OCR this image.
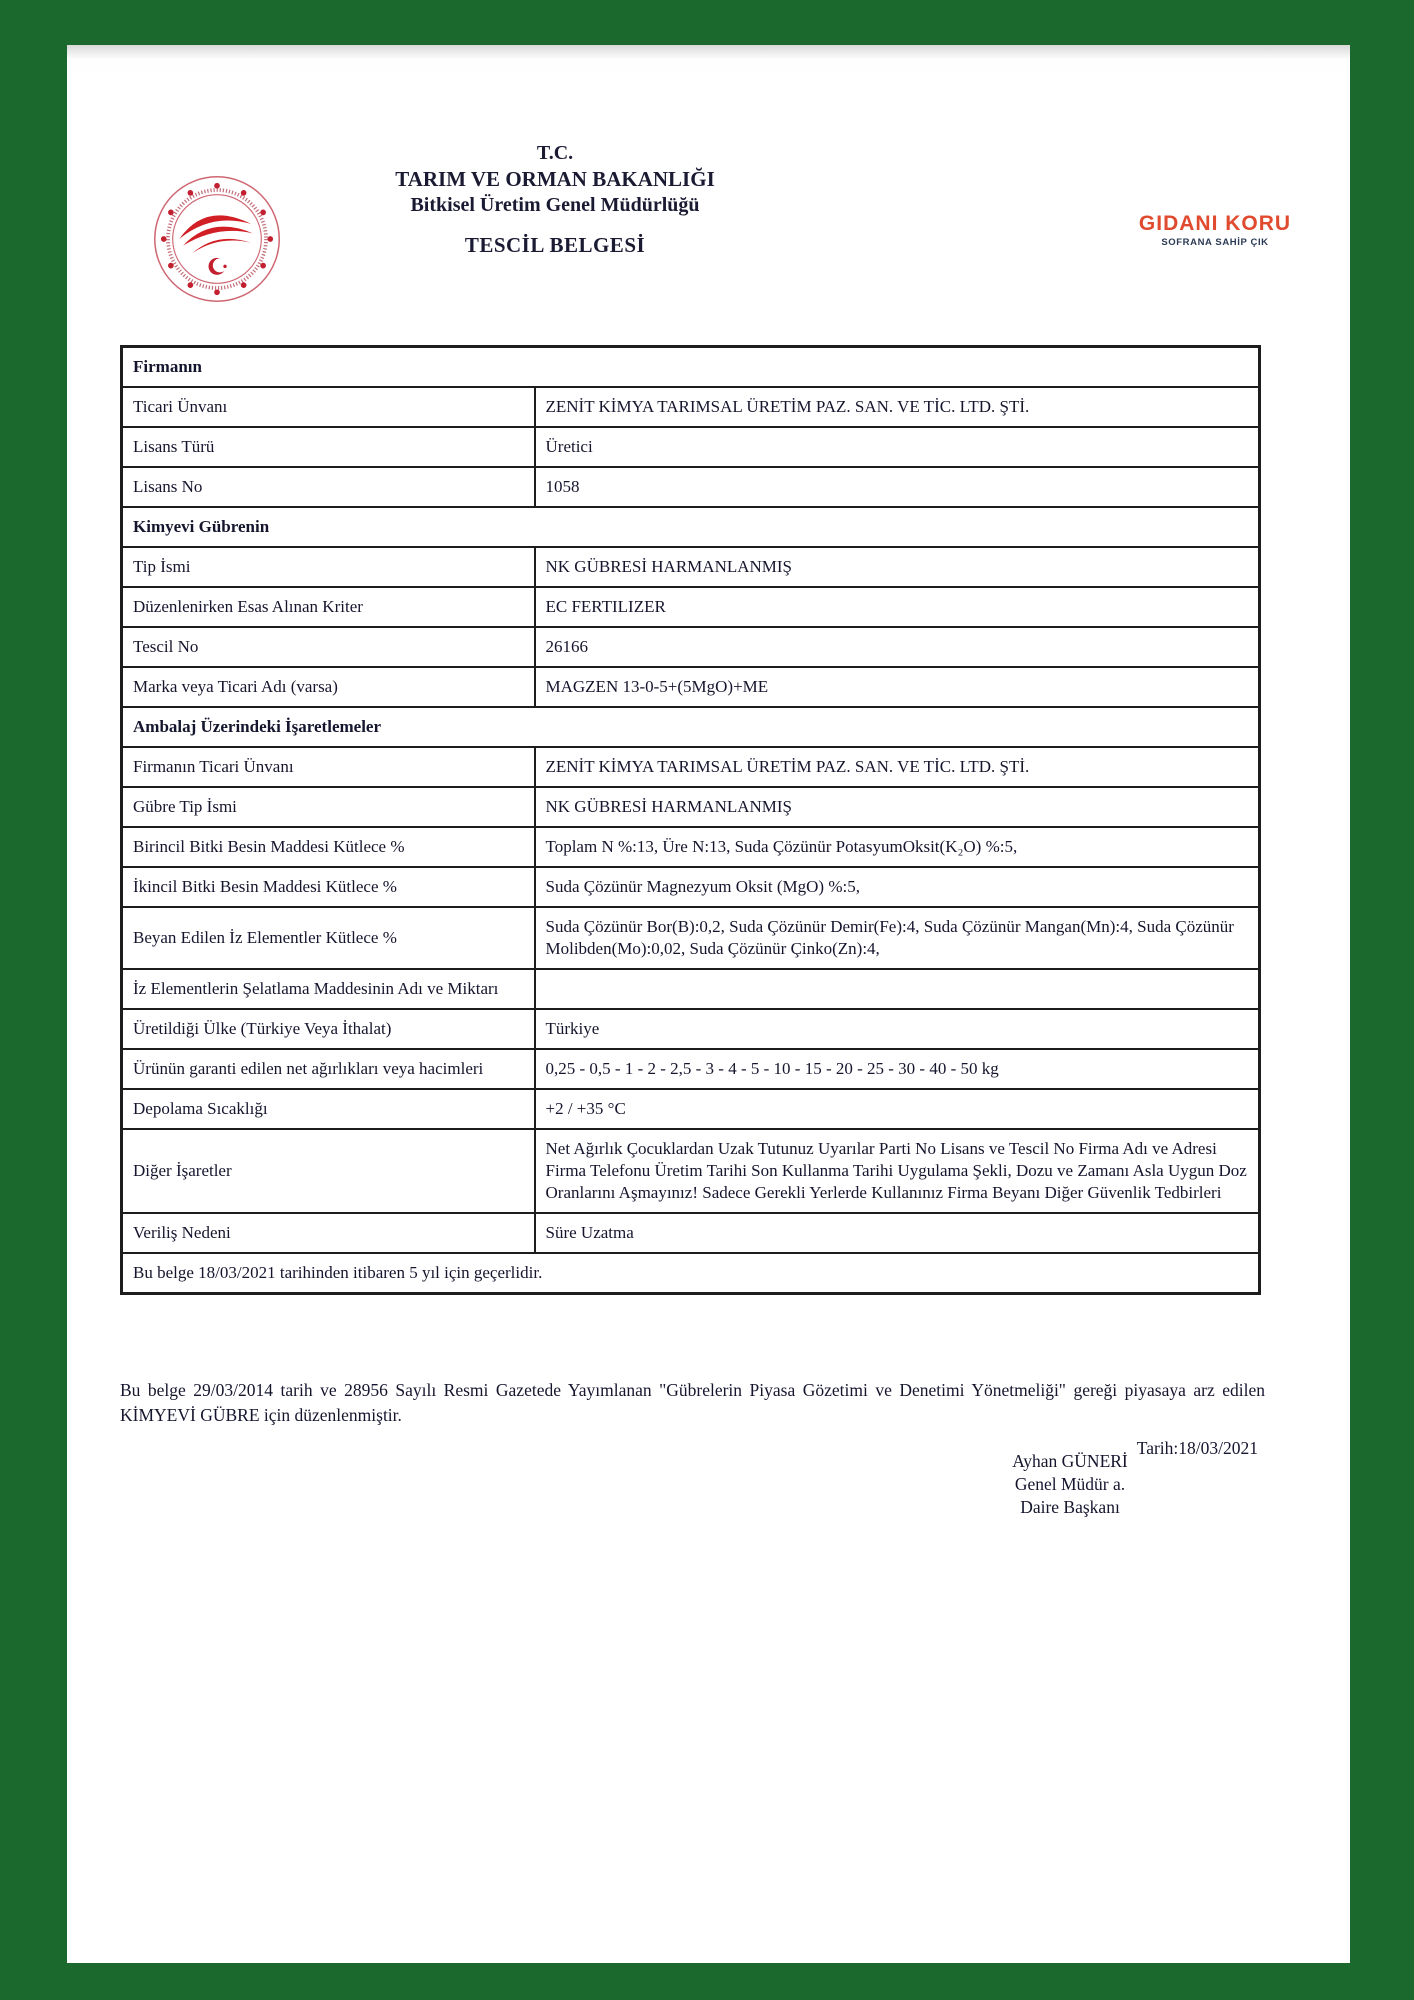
T.C.
TARIM VE ORMAN BAKANLIĞI
Bitkisel Üretim Genel Müdürlüğü
GIDANI KORU
SOFRANA SAHİP ÇIK
TESCİL BELGESİ
Firmanın	
Ticari Ünvanı	ZENİT KİMYA TARIMSAL ÜRETİM PAZ. SAN. VE TİC. LTD. ŞTİ.
Lisans Türü	Üretici
Lisans No	1058
Kimyevi Gübrenin	
Tip İsmi	NK GÜBRESİ HARMANLANMIŞ
Düzenlenirken Esas Alınan Kriter	EC FERTILIZER
Tescil No	26166
Marka veya Ticari Adı (varsa)	MAGZEN 13-0-5+(5MgO)+ME
Ambalaj Üzerindeki İşaretlemeler	
Firmanın Ticari Ünvanı	ZENİT KİMYA TARIMSAL ÜRETİM PAZ. SAN. VE TİC. LTD. ŞTİ.
Gübre Tip İsmi	NK GÜBRESİ HARMANLANMIŞ
Birincil Bitki Besin Maddesi Kütlece %	Toplam N %:13, Üre N:13, Suda Çözünür PotasyumOksit(K₂O) %:5,
İkincil Bitki Besin Maddesi Kütlece %	Suda Çözünür Magnezyum Oksit (MgO) %:5,
Beyan Edilen İz Elementler Kütlece %	Suda Çözünür Bor(B):0,2, Suda Çözünür Demir(Fe):4, Suda Çözünür Mangan(Mn):4, Suda Çözünür Molibden(Mo):0,02, Suda Çözünür Çinko(Zn):4,
İz Elementlerin Şelatlama Maddesinin Adı ve Miktarı	
Üretildiği Ülke (Türkiye Veya İthalat)	Türkiye
Ürünün garanti edilen net ağırlıkları veya hacimleri	0,25 - 0,5 - 1 - 2 - 2,5 - 3 - 4 - 5 - 10 - 15 - 20 - 25 - 30 - 40 - 50 kg
Depolama Sıcaklığı	+2 / +35 °C
Diğer İşaretler	Net Ağırlık Çocuklardan Uzak Tutunuz Uyarılar Parti No Lisans ve Tescil No Firma Adı ve Adresi Firma Telefonu Üretim Tarihi Son Kullanma Tarihi Uygulama Şekli, Dozu ve Zamanı Asla Uygun Doz Oranlarını Aşmayınız! Sadece Gerekli Yerlerde Kullanınız Firma Beyanı Diğer Güvenlik Tedbirleri
Veriliş Nedeni	Süre Uzatma
Bu belge 18/03/2021 tarihinden itibaren 5 yıl için geçerlidir.	

Bu belge 29/03/2014 tarih ve 28956 Sayılı Resmi Gazetede Yayımlanan "Gübrelerin Piyasa Gözetimi ve Denetimi Yönetmeliği" gereği piyasaya arz edilen KİMYEVİ GÜBRE için düzenlenmiştir.

Tarih:18/03/2021
Ayhan GÜNERİ
Genel Müdür a.
Daire Başkanı
